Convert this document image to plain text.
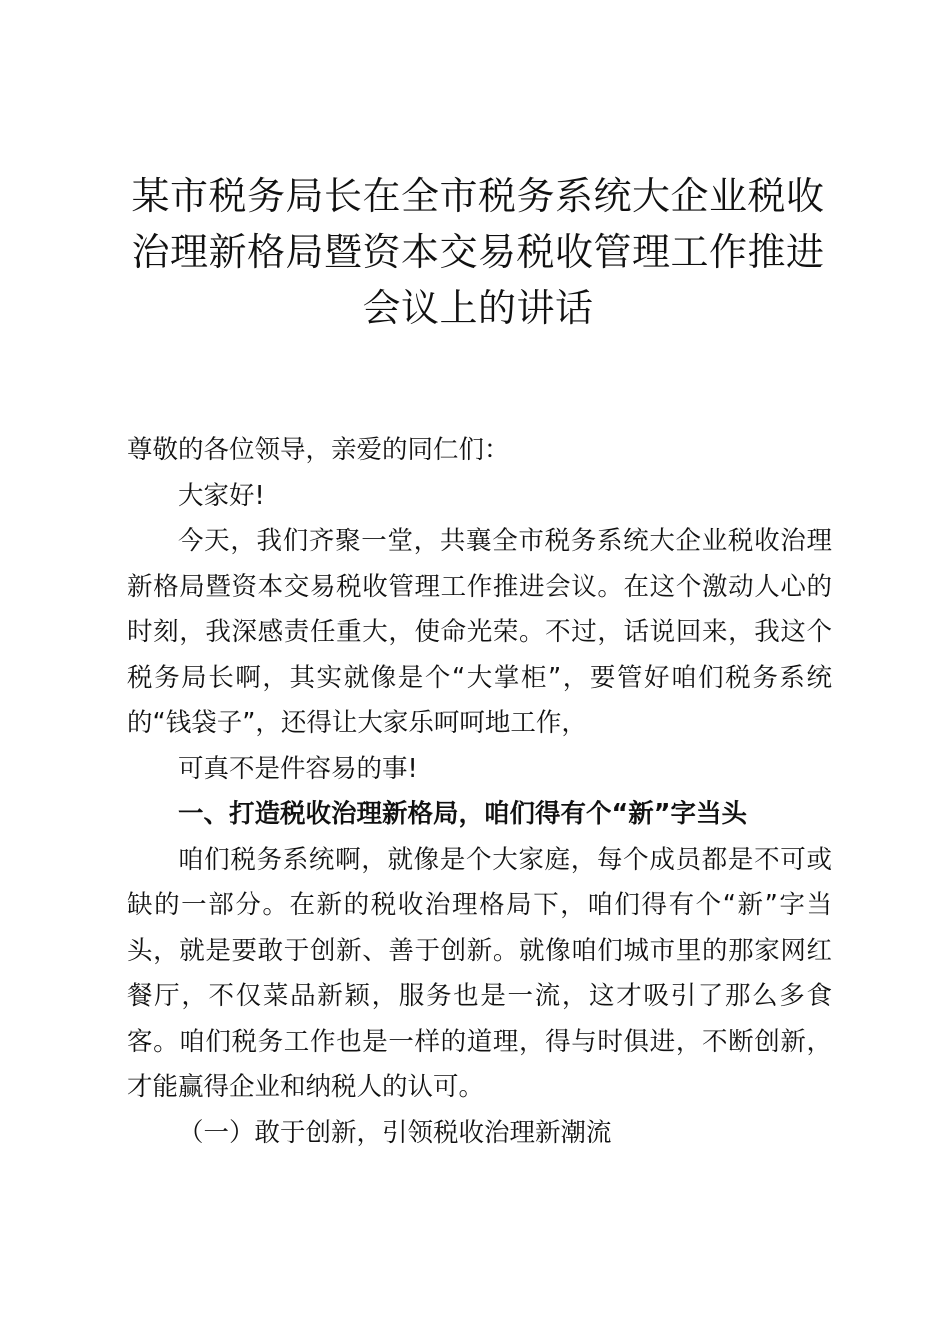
某市税务局长在全市税务系统大企业税收治理新格局暨资本交易税收管理工作推进会议上的讲话

尊敬的各位领导，亲爱的同仁们：

大家好!

今天，我们齐聚一堂，共襄全市税务系统大企业税收治理新格局暨资本交易税收管理工作推进会议。在这个激动人心的时刻，我深感责任重大，使命光荣。不过，话说回来，我这个税务局长啊，其实就像是个“大掌柜”，要管好咱们税务系统的“钱袋子”，还得让大家乐呵呵地工作，

可真不是件容易的事!

一、打造税收治理新格局，咱们得有个“新”字当头

咱们税务系统啊，就像是个大家庭，每个成员都是不可或缺的一部分。在新的税收治理格局下，咱们得有个“新”字当头，就是要敢于创新、善于创新。就像咱们城市里的那家网红餐厅，不仅菜品新颖，服务也是一流，这才吸引了那么多食客。咱们税务工作也是一样的道理，得与时俱进，不断创新，才能赢得企业和纳税人的认可。

（一）敢于创新，引领税收治理新潮流
